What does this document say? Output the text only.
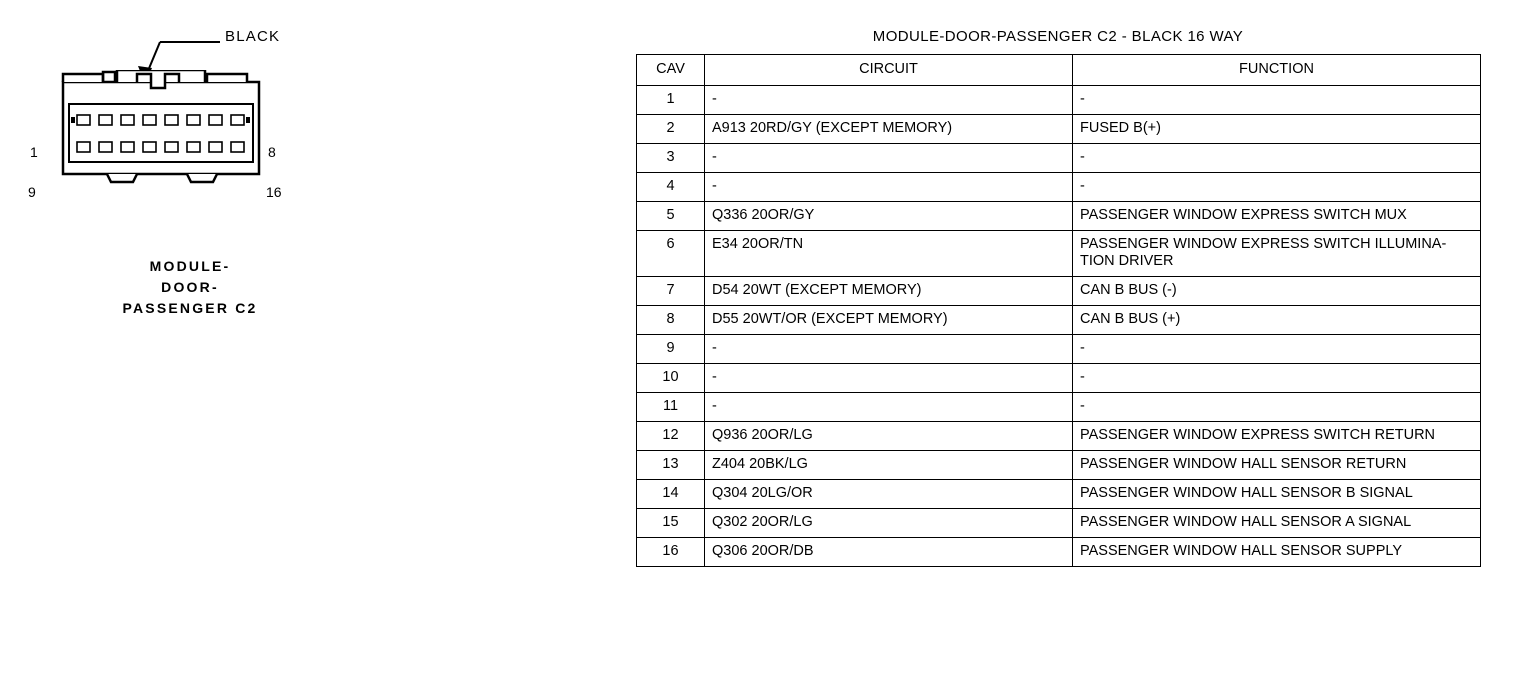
BLACK
1	8
9	16
MODULE-
DOOR-
PASSENGER C2
MODULE-DOOR-PASSENGER C2 - BLACK 16 WAY
CAV	CIRCUIT	FUNCTION
1	-	-
2	A913 20RD/GY (EXCEPT MEMORY)	FUSED B(+)
3	-	-
4	-	-
5	Q336 20OR/GY	PASSENGER WINDOW EXPRESS SWITCH MUX
6	E34 20OR/TN	PASSENGER WINDOW EXPRESS SWITCH ILLUMINA-TION DRIVER
7	D54 20WT (EXCEPT MEMORY)	CAN B BUS (-)
8	D55 20WT/OR (EXCEPT MEMORY)	CAN B BUS (+)
9	-	-
10	-	-
11	-	-
12	Q936 20OR/LG	PASSENGER WINDOW EXPRESS SWITCH RETURN
13	Z404 20BK/LG	PASSENGER WINDOW HALL SENSOR RETURN
14	Q304 20LG/OR	PASSENGER WINDOW HALL SENSOR B SIGNAL
15	Q302 20OR/LG	PASSENGER WINDOW HALL SENSOR A SIGNAL
16	Q306 20OR/DB	PASSENGER WINDOW HALL SENSOR SUPPLY
